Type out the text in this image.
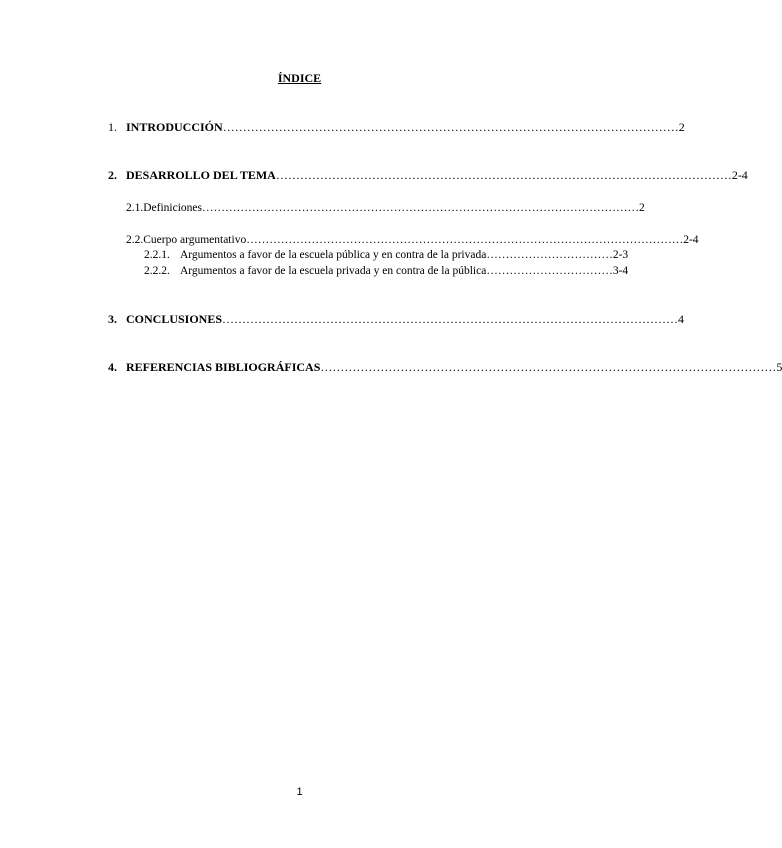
ÍNDICE
1. INTRODUCCIÓN …………………………………………………………………………………………………… 2
2. DESARROLLO DEL TEMA …………………………………………………………………………………………………… 2-4
2.1.Definiciones …………………………………………………………………………………………………… 2
2.2.Cuerpo argumentativo …………………………………………………………………………………………………… 2-4
2.2.1. Argumentos a favor de la escuela pública y en contra de la privada …………………………… 2-3
2.2.2. Argumentos a favor de la escuela privada y en contra de la pública …………………………… 3-4
3. CONCLUSIONES …………………………………………………………………………………………………… 4
4. REFERENCIAS BIBLIOGRÁFICAS …………………………………………………………………………………………………… 5
1
